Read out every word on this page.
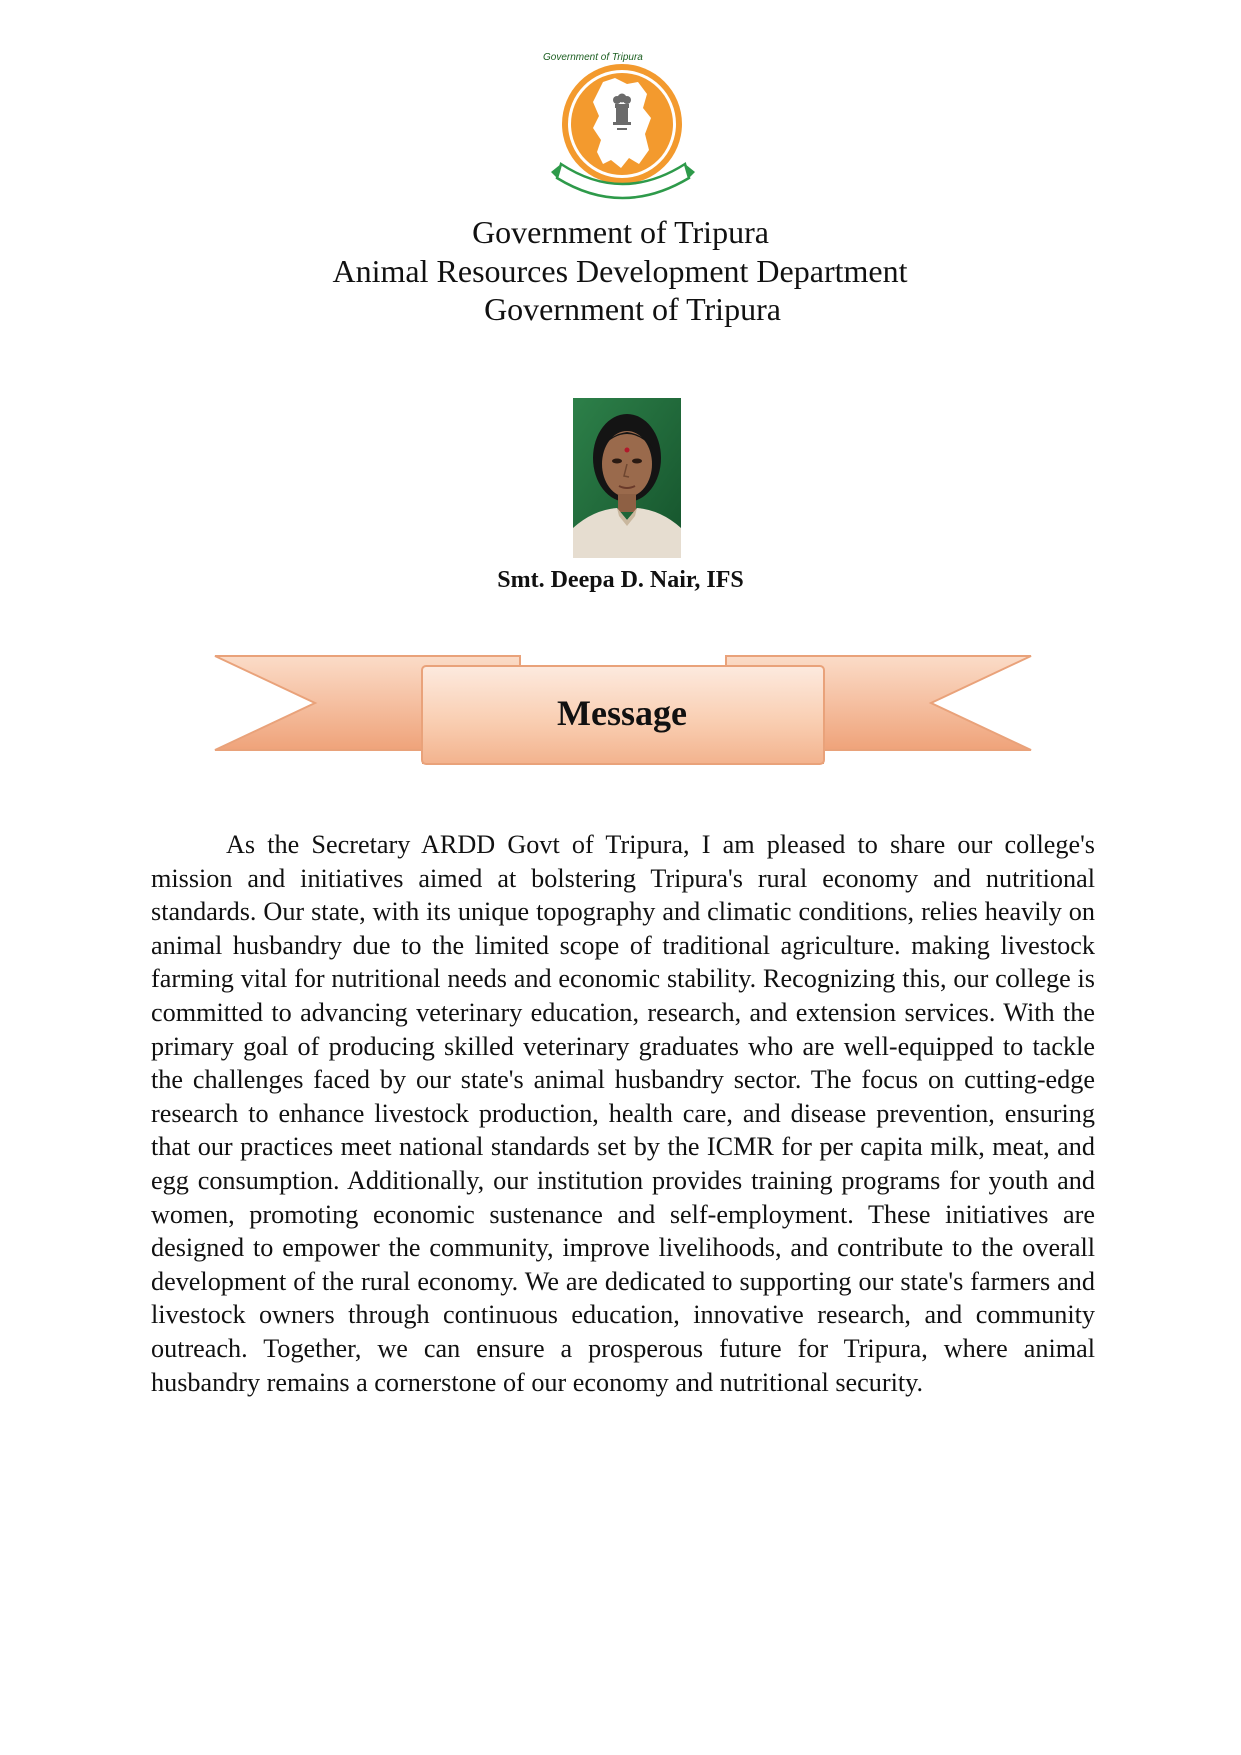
Government of Tripura
Government of Tripura
Animal Resources Development Department
Government of Tripura
Smt. Deepa D. Nair, IFS
Message

As the Secretary ARDD Govt of Tripura, I am pleased to share our college's mission and initiatives aimed at bolstering Tripura's rural economy and nutritional standards. Our state, with its unique topography and climatic conditions, relies heavily on animal husbandry due to the limited scope of traditional agriculture. making livestock farming vital for nutritional needs and economic stability. Recognizing this, our college is committed to advancing veterinary education, research, and extension services. With the primary goal of producing skilled veterinary graduates who are well-equipped to tackle the challenges faced by our state's animal husbandry sector. The focus on cutting-edge research to enhance livestock production, health care, and disease prevention, ensuring that our practices meet national standards set by the ICMR for per capita milk, meat, and egg consumption. Additionally, our institution provides training programs for youth and women, promoting economic sustenance and self-employment. These initiatives are designed to empower the community, improve livelihoods, and contribute to the overall development of the rural economy. We are dedicated to supporting our state's farmers and livestock owners through continuous education, innovative research, and community outreach. Together, we can ensure a prosperous future for Tripura, where animal husbandry remains a cornerstone of our economy and nutritional security.
